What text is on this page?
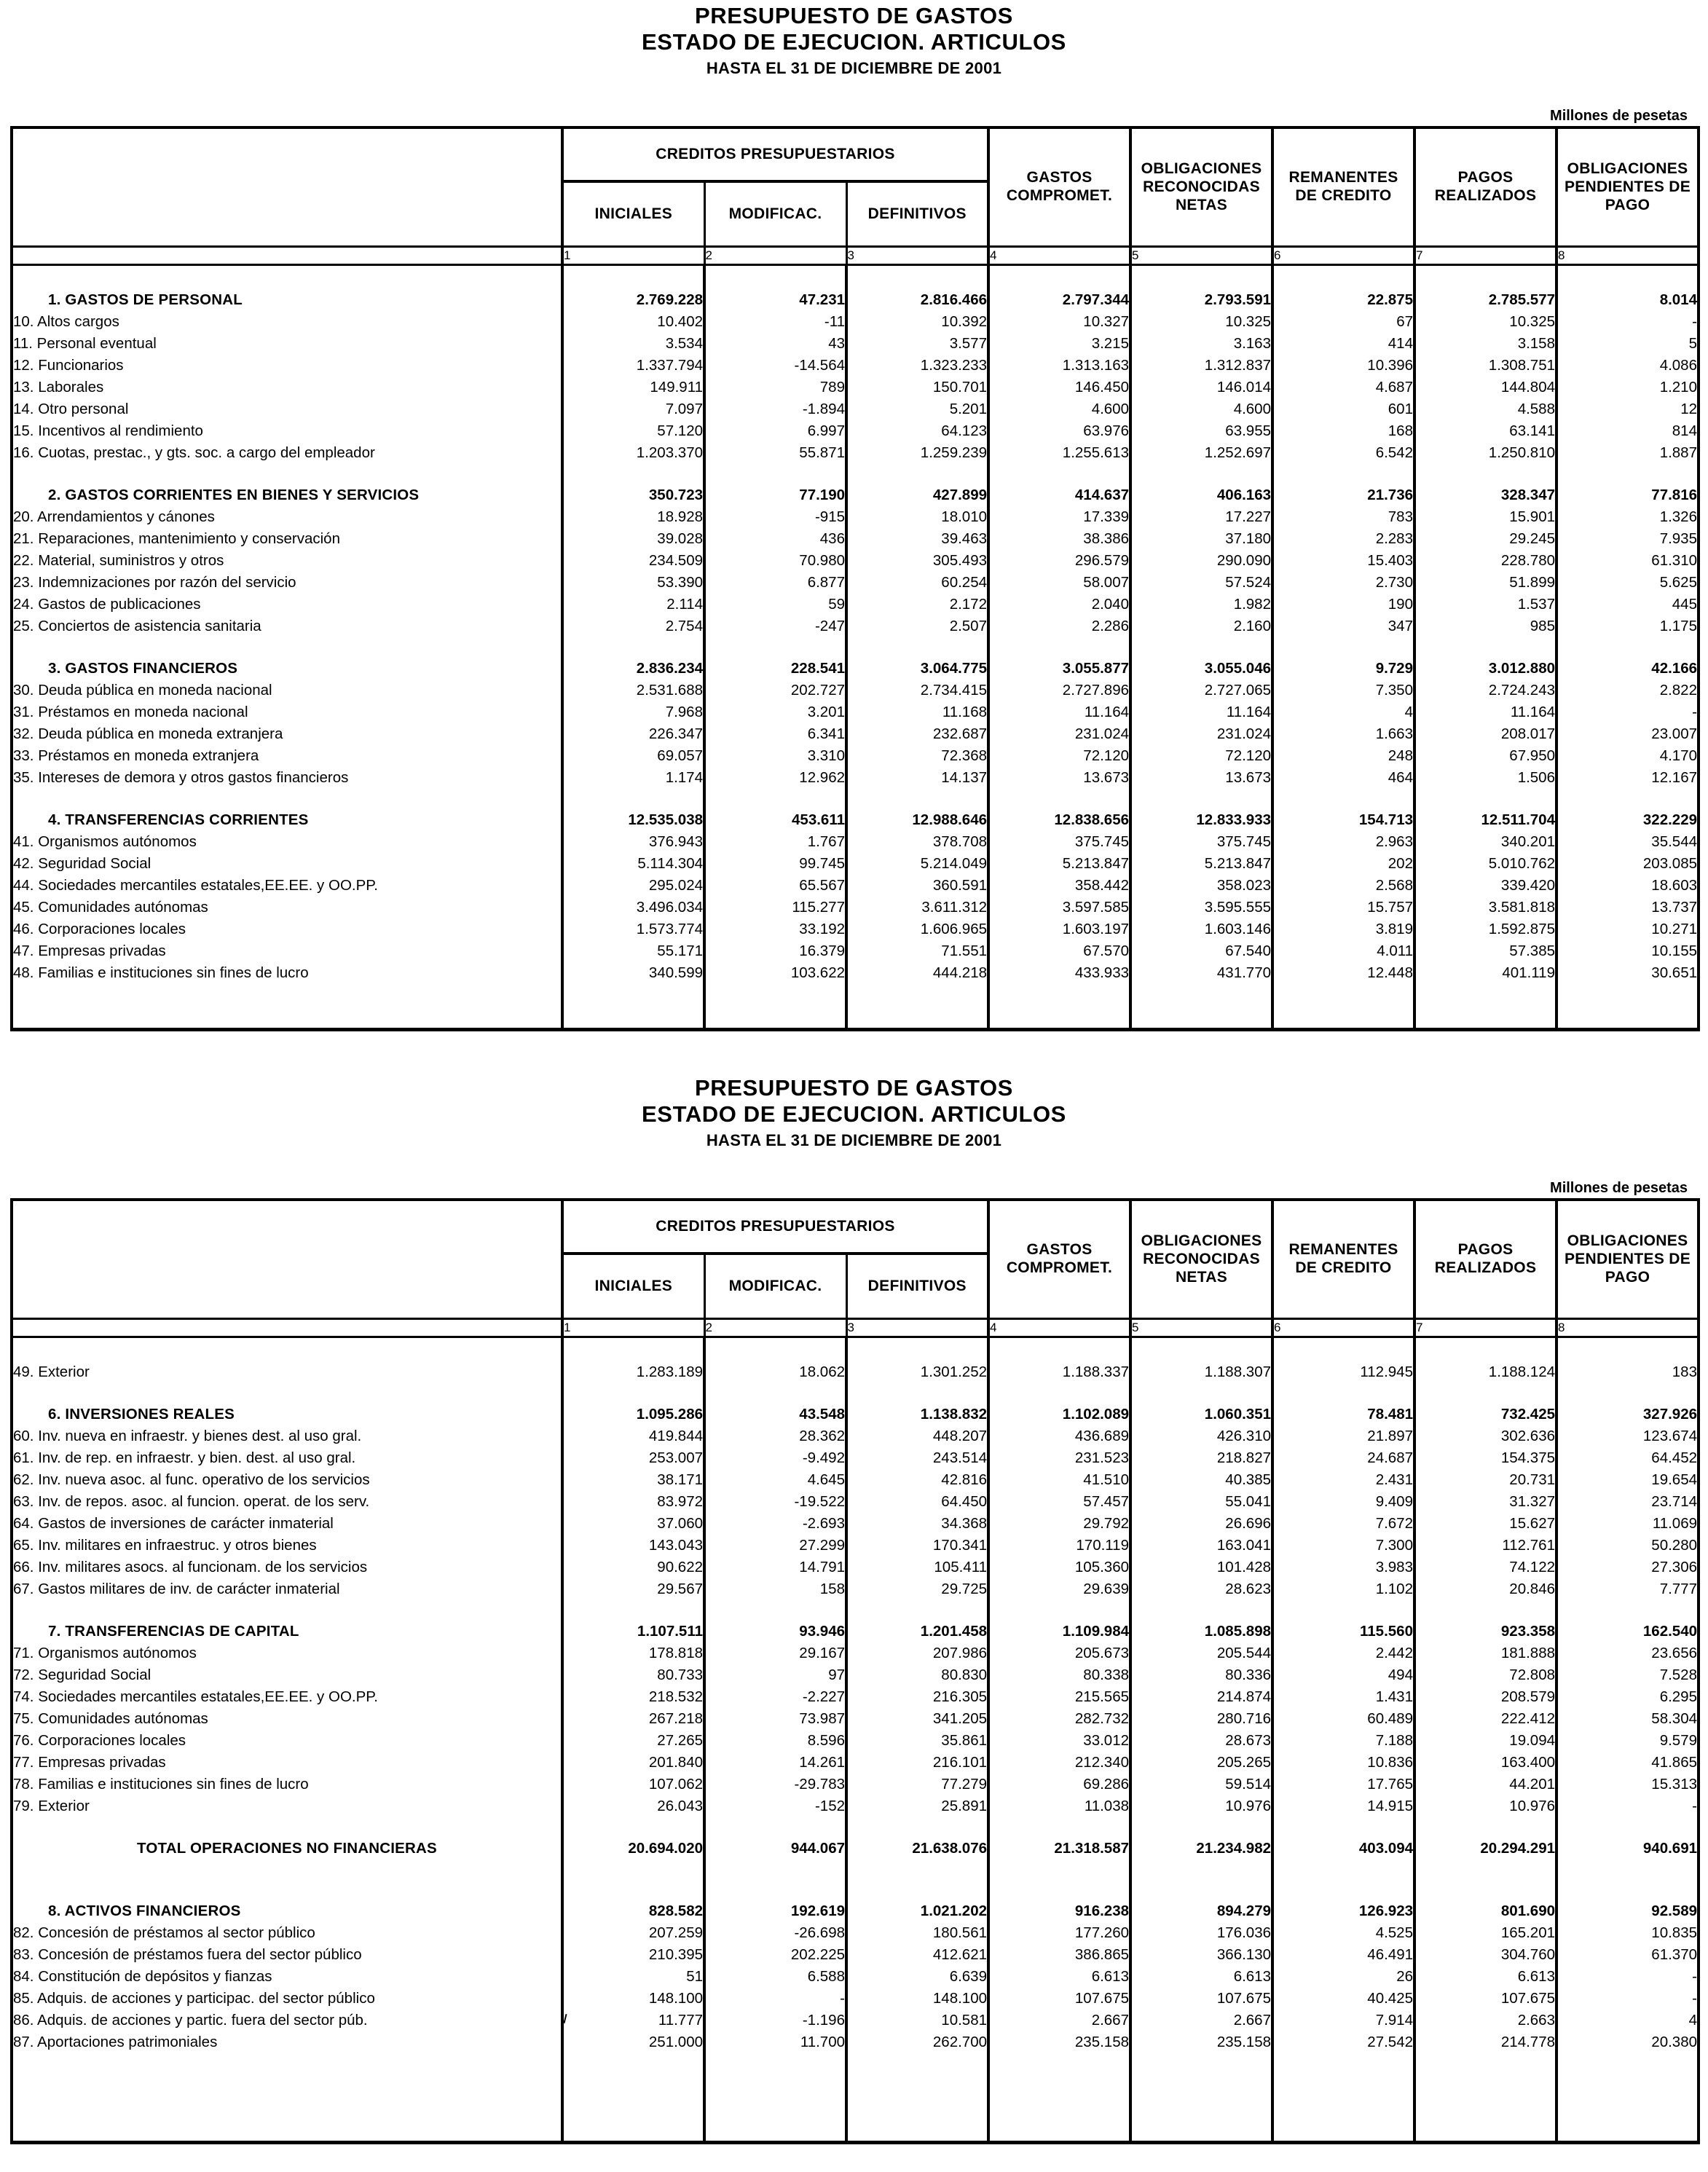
PRESUPUESTO DE GASTOS
ESTADO DE EJECUCION. ARTICULOS
HASTA EL 31 DE DICIEMBRE DE 2001
Millones de pesetas
	CREDITOS PRESUPUESTARIOS	
GASTOS
COMPROMET.

OBLIGACIONES
RECONOCIDAS
NETAS

REMANENTES
DE CREDITO

PAGOS
REALIZADOS

OBLIGACIONES
PENDIENTES DE
PAGO

	INICIALES	MODIFICAC.	DEFINITIVOS					
	1	2	3	4	5	6	7	8

1. GASTOS DE PERSONAL	2.769.228	47.231	2.816.466	2.797.344	2.793.591	22.875	2.785.577	8.014
10. Altos cargos	10.402	-11	10.392	10.327	10.325	67	10.325	-
11. Personal eventual	3.534	43	3.577	3.215	3.163	414	3.158	5
12. Funcionarios	1.337.794	-14.564	1.323.233	1.313.163	1.312.837	10.396	1.308.751	4.086
13. Laborales	149.911	789	150.701	146.450	146.014	4.687	144.804	1.210
14. Otro personal	7.097	-1.894	5.201	4.600	4.600	601	4.588	12
15. Incentivos al rendimiento	57.120	6.997	64.123	63.976	63.955	168	63.141	814
16. Cuotas, prestac., y gts. soc. a cargo del empleador	1.203.370	55.871	1.259.239	1.255.613	1.252.697	6.542	1.250.810	1.887

2. GASTOS CORRIENTES EN BIENES Y SERVICIOS	350.723	77.190	427.899	414.637	406.163	21.736	328.347	77.816
20. Arrendamientos y cánones	18.928	-915	18.010	17.339	17.227	783	15.901	1.326
21. Reparaciones, mantenimiento y conservación	39.028	436	39.463	38.386	37.180	2.283	29.245	7.935
22. Material, suministros y otros	234.509	70.980	305.493	296.579	290.090	15.403	228.780	61.310
23. Indemnizaciones por razón del servicio	53.390	6.877	60.254	58.007	57.524	2.730	51.899	5.625
24. Gastos de publicaciones	2.114	59	2.172	2.040	1.982	190	1.537	445
25. Conciertos de asistencia sanitaria	2.754	-247	2.507	2.286	2.160	347	985	1.175

3. GASTOS FINANCIEROS	2.836.234	228.541	3.064.775	3.055.877	3.055.046	9.729	3.012.880	42.166
30. Deuda pública en moneda nacional	2.531.688	202.727	2.734.415	2.727.896	2.727.065	7.350	2.724.243	2.822
31. Préstamos en moneda nacional	7.968	3.201	11.168	11.164	11.164	4	11.164	-
32. Deuda pública en moneda extranjera	226.347	6.341	232.687	231.024	231.024	1.663	208.017	23.007
33. Préstamos en moneda extranjera	69.057	3.310	72.368	72.120	72.120	248	67.950	4.170
35. Intereses de demora y otros gastos financieros	1.174	12.962	14.137	13.673	13.673	464	1.506	12.167

4. TRANSFERENCIAS CORRIENTES	12.535.038	453.611	12.988.646	12.838.656	12.833.933	154.713	12.511.704	322.229
41. Organismos autónomos	376.943	1.767	378.708	375.745	375.745	2.963	340.201	35.544
42. Seguridad Social	5.114.304	99.745	5.214.049	5.213.847	5.213.847	202	5.010.762	203.085
44. Sociedades mercantiles estatales,EE.EE. y OO.PP.	295.024	65.567	360.591	358.442	358.023	2.568	339.420	18.603
45. Comunidades autónomas	3.496.034	115.277	3.611.312	3.597.585	3.595.555	15.757	3.581.818	13.737
46. Corporaciones locales	1.573.774	33.192	1.606.965	1.603.197	1.603.146	3.819	1.592.875	10.271
47. Empresas privadas	55.171	16.379	71.551	67.570	67.540	4.011	57.385	10.155
48. Familias e instituciones sin fines de lucro	340.599	103.622	444.218	433.933	431.770	12.448	401.119	30.651

PRESUPUESTO DE GASTOS
ESTADO DE EJECUCION. ARTICULOS
HASTA EL 31 DE DICIEMBRE DE 2001
Millones de pesetas
	CREDITOS PRESUPUESTARIOS	
GASTOS
COMPROMET.

OBLIGACIONES
RECONOCIDAS
NETAS

REMANENTES
DE CREDITO

PAGOS
REALIZADOS

OBLIGACIONES
PENDIENTES DE
PAGO

	INICIALES	MODIFICAC.	DEFINITIVOS					
	1	2	3	4	5	6	7	8

49. Exterior	1.283.189	18.062	1.301.252	1.188.337	1.188.307	112.945	1.188.124	183

6. INVERSIONES REALES	1.095.286	43.548	1.138.832	1.102.089	1.060.351	78.481	732.425	327.926
60. Inv. nueva en infraestr. y bienes dest. al uso gral.	419.844	28.362	448.207	436.689	426.310	21.897	302.636	123.674
61. Inv. de rep. en infraestr. y bien. dest. al uso gral.	253.007	-9.492	243.514	231.523	218.827	24.687	154.375	64.452
62. Inv. nueva asoc. al func. operativo de los servicios	38.171	4.645	42.816	41.510	40.385	2.431	20.731	19.654
63. Inv. de repos. asoc. al funcion. operat. de los serv.	83.972	-19.522	64.450	57.457	55.041	9.409	31.327	23.714
64. Gastos de inversiones de carácter inmaterial	37.060	-2.693	34.368	29.792	26.696	7.672	15.627	11.069
65. Inv. militares en infraestruc. y otros bienes	143.043	27.299	170.341	170.119	163.041	7.300	112.761	50.280
66. Inv. militares asocs. al funcionam. de los servicios	90.622	14.791	105.411	105.360	101.428	3.983	74.122	27.306
67. Gastos militares de inv. de carácter inmaterial	29.567	158	29.725	29.639	28.623	1.102	20.846	7.777

7. TRANSFERENCIAS DE CAPITAL	1.107.511	93.946	1.201.458	1.109.984	1.085.898	115.560	923.358	162.540
71. Organismos autónomos	178.818	29.167	207.986	205.673	205.544	2.442	181.888	23.656
72. Seguridad Social	80.733	97	80.830	80.338	80.336	494	72.808	7.528
74. Sociedades mercantiles estatales,EE.EE. y OO.PP.	218.532	-2.227	216.305	215.565	214.874	1.431	208.579	6.295
75. Comunidades autónomas	267.218	73.987	341.205	282.732	280.716	60.489	222.412	58.304
76. Corporaciones locales	27.265	8.596	35.861	33.012	28.673	7.188	19.094	9.579
77. Empresas privadas	201.840	14.261	216.101	212.340	205.265	10.836	163.400	41.865
78. Familias e instituciones sin fines de lucro	107.062	-29.783	77.279	69.286	59.514	17.765	44.201	15.313
79. Exterior	26.043	-152	25.891	11.038	10.976	14.915	10.976	-

TOTAL OPERACIONES NO FINANCIERAS	20.694.020	944.067	21.638.076	21.318.587	21.234.982	403.094	20.294.291	940.691

8. ACTIVOS FINANCIEROS	828.582	192.619	1.021.202	916.238	894.279	126.923	801.690	92.589
82. Concesión de préstamos al sector público	207.259	-26.698	180.561	177.260	176.036	4.525	165.201	10.835
83. Concesión de préstamos fuera del sector público	210.395	202.225	412.621	386.865	366.130	46.491	304.760	61.370
84. Constitución de depósitos y fianzas	51	6.588	6.639	6.613	6.613	26	6.613	-
85. Adquis. de acciones y participac. del sector público	148.100	-	148.100	107.675	107.675	40.425	107.675	-
86. Adquis. de acciones y partic. fuera del sector púb.	11.777	-1.196	10.581	2.667	2.667	7.914	2.663	4
87. Aportaciones patrimoniales	251.000	11.700	262.700	235.158	235.158	27.542	214.778	20.380
